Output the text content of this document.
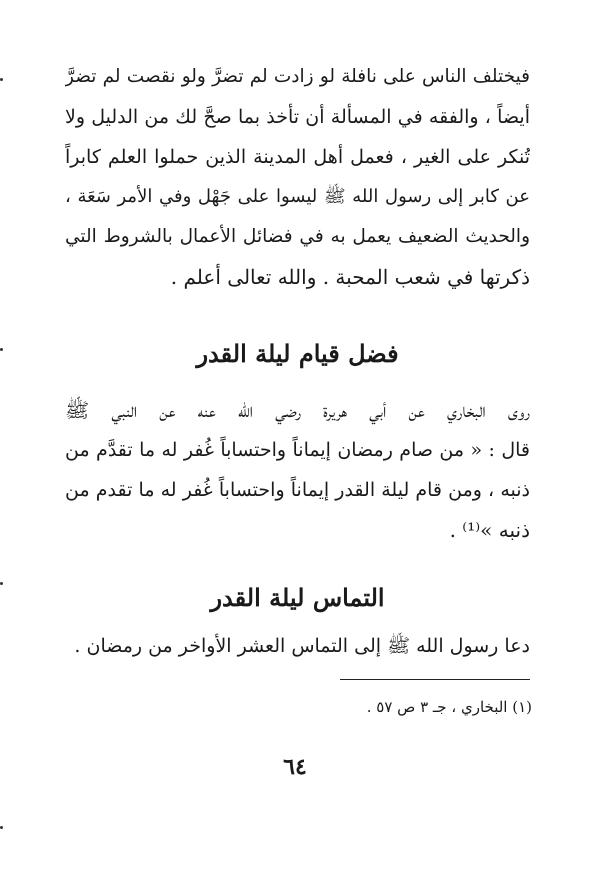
فيختلف الناس على نافلة لو زادت لم تضرَّ ولو نقصت لم تضرَّ
أيضاً ، والفقه في المسألة أن تأخذ بما صحَّ لك من الدليل ولا
تُنكر على الغير ، فعمل أهل المدينة الذين حملوا العلم كابراً
عن كابر إلى رسول الله ﷺ ليسوا على جَهْل وفي الأمر سَعَة ،
والحديث الضعيف يعمل به في فضائل الأعمال بالشروط التي
ذكرتها في شعب المحبة . والله تعالى أعلم .
فضل قيام ليلة القدر
روى البخاري عن أبي هريرة رضي الله عنه عن النبي ﷺ
قال : « من صام رمضان إيماناً واحتساباً غُفر له ما تقدَّم من
ذنبه ، ومن قام ليلة القدر إيماناً واحتساباً غُفر له ما تقدم من
ذنبه »⁽¹⁾ .
التماس ليلة القدر
دعا رسول الله ﷺ إلى التماس العشر الأواخر من رمضان .
(١) البخاري ، جـ ٣ ص ٥٧ .
٦٤
